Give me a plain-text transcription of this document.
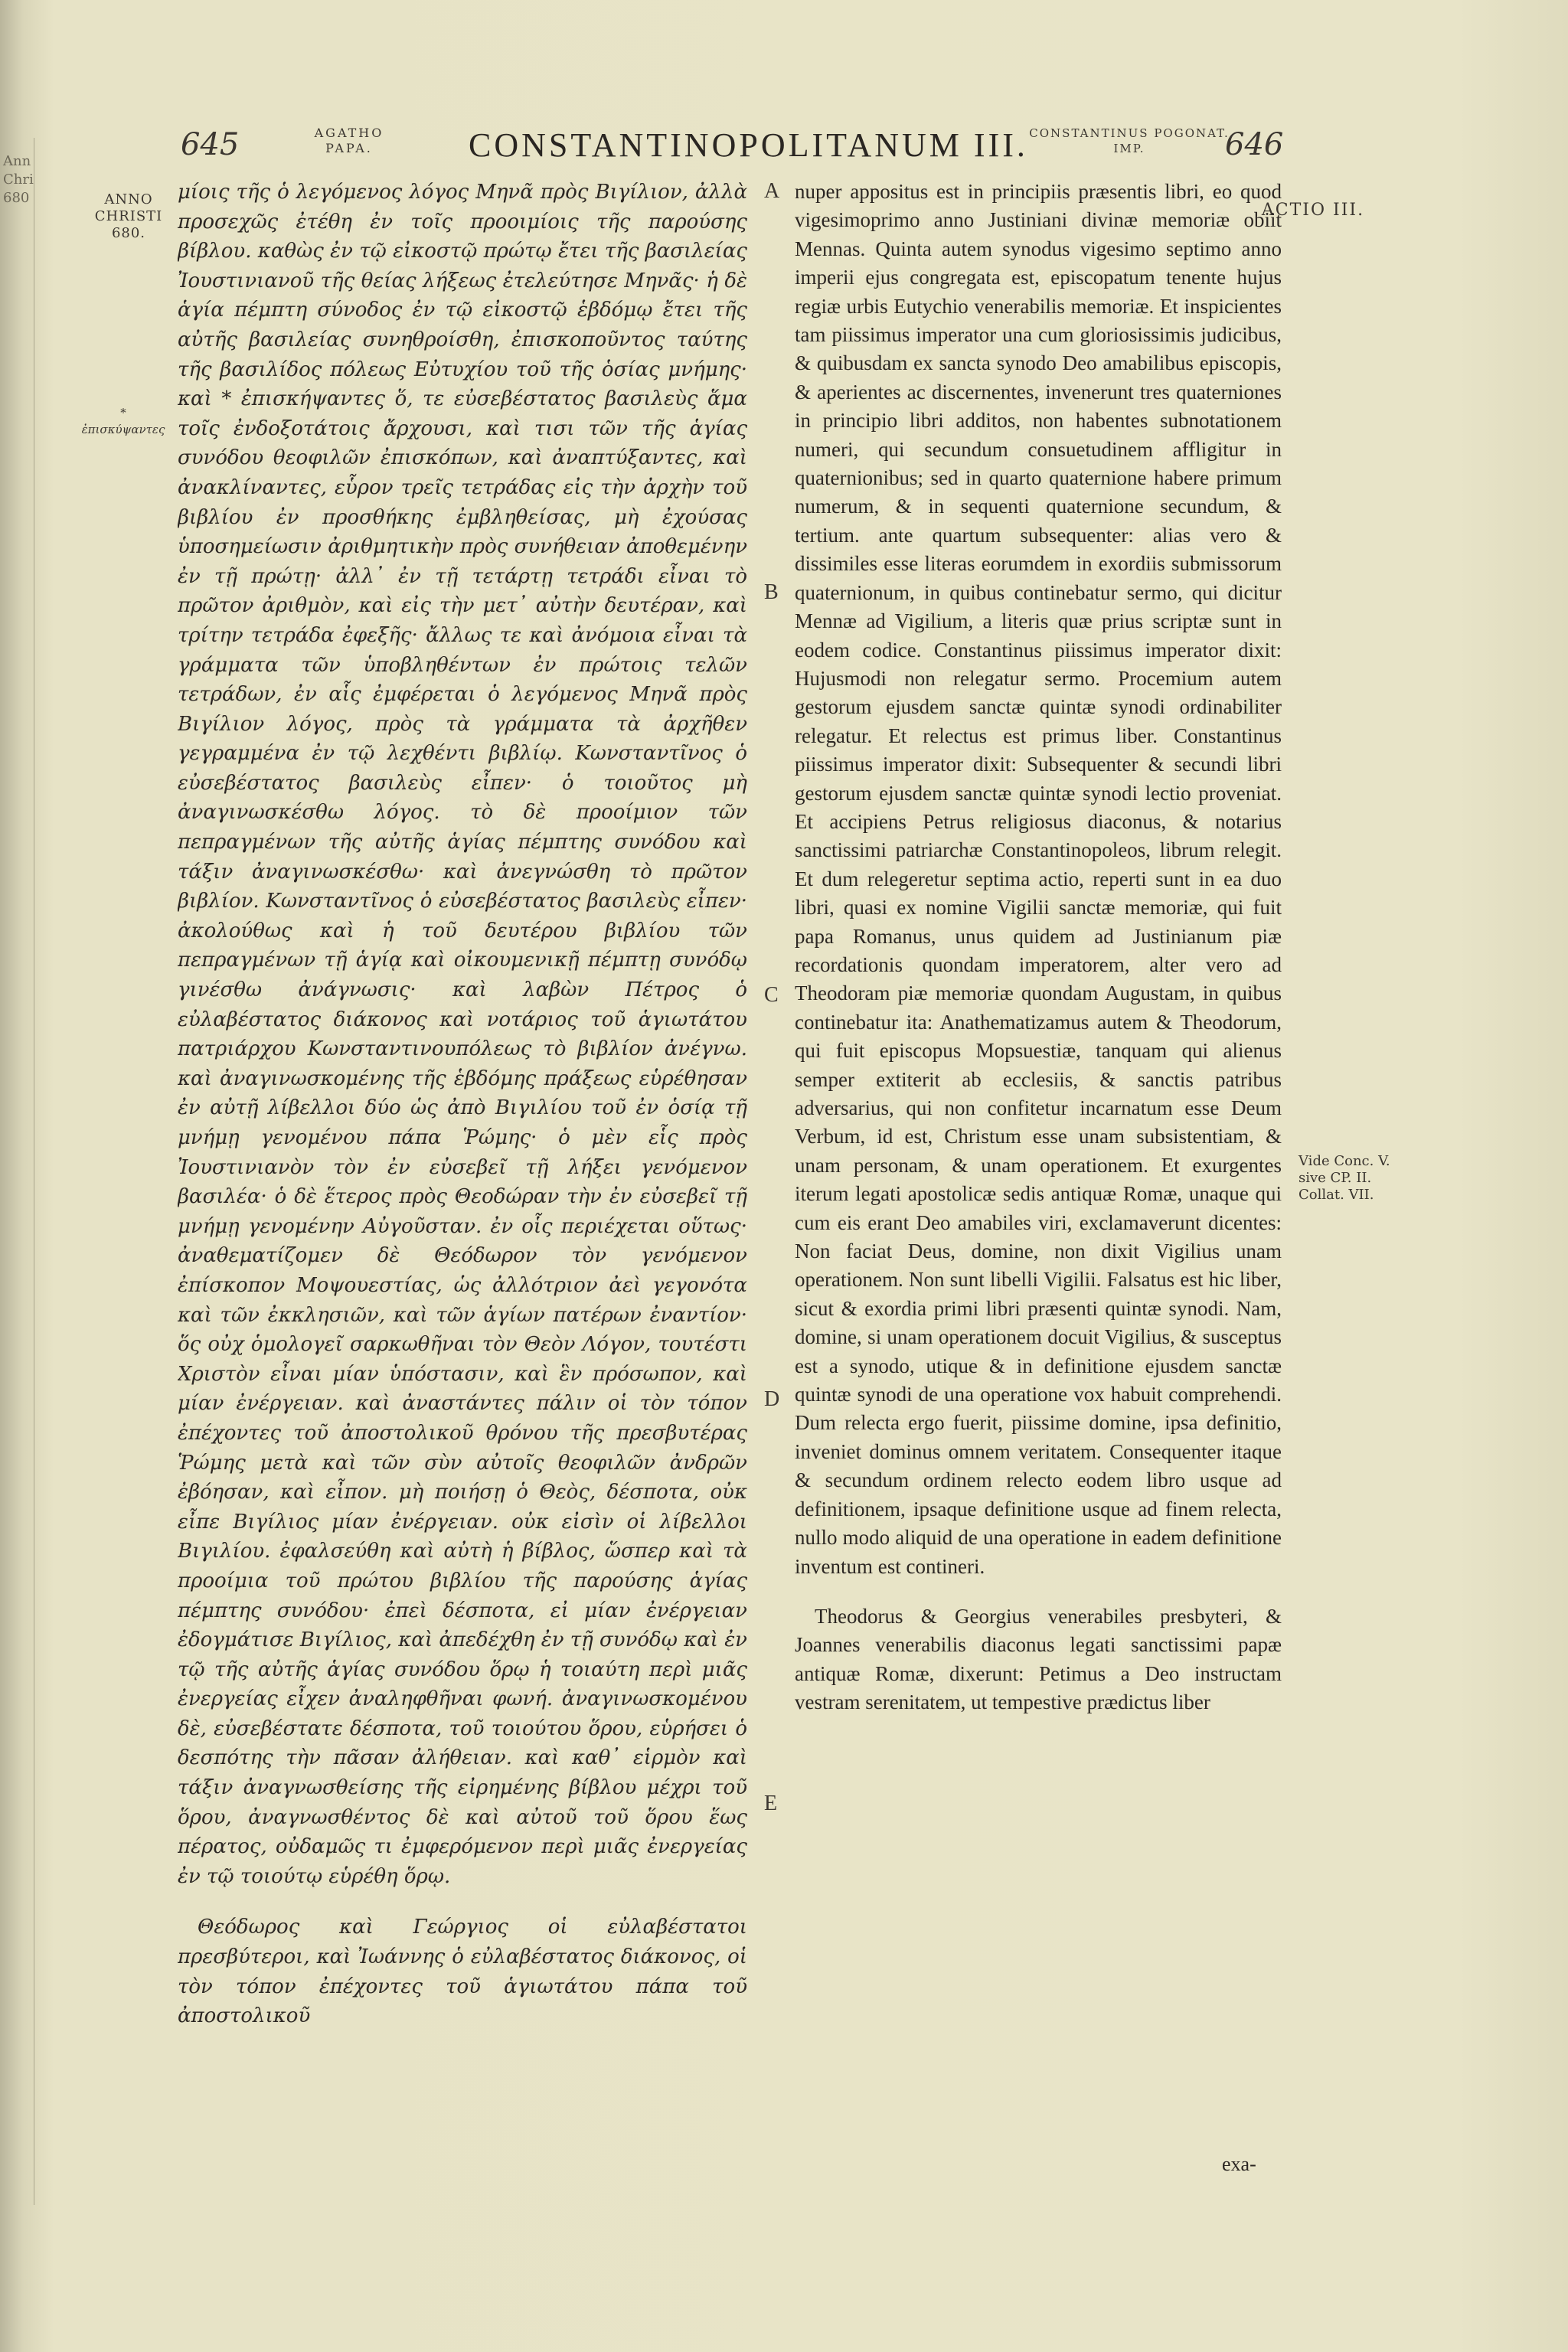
Ann
Chri
680
645	AGATHO PAPA.	CONSTANTINOPOLITANUM III. CONSTANTINUS POGONAT. IMP.	646
ANNO CHRISTI 680.
* ἐπισκύψαντες
ACTIO III.
Vide Conc. V. sive CP. II. Collat. VII.
A
B
C
D
E

μίοις τῆς ὁ λεγόμενος λόγος Μηνᾶ πρὸς Βιγίλιον, ἀλλὰ προσεχῶς ἐτέθη ἐν τοῖς προοιμίοις τῆς παρούσης βίβλου. καθὼς ἐν τῷ εἰκοστῷ πρώτῳ ἔτει τῆς βασιλείας Ἰουστινιανοῦ τῆς θείας λήξεως ἐτελεύτησε Μηνᾶς· ἡ δὲ ἁγία πέμπτη σύνοδος ἐν τῷ εἰκοστῷ ἑβδόμῳ ἔτει τῆς αὐτῆς βασιλείας συνηθροίσθη, ἐπισκοποῦντος ταύτης τῆς βασιλίδος πόλεως Εὐτυχίου τοῦ τῆς ὁσίας μνήμης· καὶ * ἐπισκήψαντες ὅ, τε εὐσεβέστατος βασιλεὺς ἅμα τοῖς ἐνδοξοτάτοις ἄρχουσι, καὶ τισι τῶν τῆς ἁγίας συνόδου θεοφιλῶν ἐπισκόπων, καὶ ἀναπτύξαντες, καὶ ἀνακλίναντες, εὗρον τρεῖς τετράδας εἰς τὴν ἀρχὴν τοῦ βιβλίου ἐν προσθήκης ἐμβληθείσας, μὴ ἐχούσας ὑποσημείωσιν ἀριθμητικὴν πρὸς συνήθειαν ἀποθεμένην ἐν τῇ πρώτῃ· ἀλλ᾿ ἐν τῇ τετάρτῃ τετράδι εἶναι τὸ πρῶτον ἀριθμὸν, καὶ εἰς τὴν μετ᾿ αὐτὴν δευτέραν, καὶ τρίτην τετράδα ἐφεξῆς· ἄλλως τε καὶ ἀνόμοια εἶναι τὰ γράμματα τῶν ὑποβληθέντων ἐν πρώτοις τελῶν τετράδων, ἐν αἷς ἐμφέρεται ὁ λεγόμενος Μηνᾶ πρὸς Βιγίλιον λόγος, πρὸς τὰ γράμματα τὰ ἀρχῆθεν γεγραμμένα ἐν τῷ λεχθέντι βιβλίῳ. Κωνσταντῖνος ὁ εὐσεβέστατος βασιλεὺς εἶπεν· ὁ τοιοῦτος μὴ ἀναγινωσκέσθω λόγος. τὸ δὲ προοίμιον τῶν πεπραγμένων τῆς αὐτῆς ἁγίας πέμπτης συνόδου καὶ τάξιν ἀναγινωσκέσθω· καὶ ἀνεγνώσθη τὸ πρῶτον βιβλίον. Κωνσταντῖνος ὁ εὐσεβέστατος βασιλεὺς εἶπεν· ἀκολούθως καὶ ἡ τοῦ δευτέρου βιβλίου τῶν πεπραγμένων τῇ ἁγίᾳ καὶ οἰκουμενικῇ πέμπτῃ συνόδῳ γινέσθω ἀνάγνωσις· καὶ λαβὼν Πέτρος ὁ εὐλαβέστατος διάκονος καὶ νοτάριος τοῦ ἁγιωτάτου πατριάρχου Κωνσταντινουπόλεως τὸ βιβλίον ἀνέγνω. καὶ ἀναγινωσκομένης τῆς ἑβδόμης πράξεως εὑρέθησαν ἐν αὐτῇ λίβελλοι δύο ὡς ἀπὸ Βιγιλίου τοῦ ἐν ὁσίᾳ τῇ μνήμῃ γενομένου πάπα Ῥώμης· ὁ μὲν εἷς πρὸς Ἰουστινιανὸν τὸν ἐν εὐσεβεῖ τῇ λήξει γενόμενον βασιλέα· ὁ δὲ ἕτερος πρὸς Θεοδώραν τὴν ἐν εὐσεβεῖ τῇ μνήμῃ γενομένην Αὐγοῦσταν. ἐν οἷς περιέχεται οὕτως· ἀναθεματίζομεν δὲ Θεόδωρον τὸν γενόμενον ἐπίσκοπον Μοψουεστίας, ὡς ἀλλότριον ἀεὶ γεγονότα καὶ τῶν ἐκκλησιῶν, καὶ τῶν ἁγίων πατέρων ἐναντίον· ὅς οὐχ ὁμολογεῖ σαρκωθῆναι τὸν Θεὸν Λόγον, τουτέστι Χριστὸν εἶναι μίαν ὑπόστασιν, καὶ ἓν πρόσωπον, καὶ μίαν ἐνέργειαν. καὶ ἀναστάντες πάλιν οἱ τὸν τόπον ἐπέχοντες τοῦ ἀποστολικοῦ θρόνου τῆς πρεσβυτέρας Ῥώμης μετὰ καὶ τῶν σὺν αὐτοῖς θεοφιλῶν ἀνδρῶν ἐβόησαν, καὶ εἶπον. μὴ ποιήσῃ ὁ Θεὸς, δέσποτα, οὐκ εἶπε Βιγίλιος μίαν ἐνέργειαν. οὐκ εἰσὶν οἱ λίβελλοι Βιγιλίου. ἐφαλσεύθη καὶ αὐτὴ ἡ βίβλος, ὥσπερ καὶ τὰ προοίμια τοῦ πρώτου βιβλίου τῆς παρούσης ἁγίας πέμπτης συνόδου· ἐπεὶ δέσποτα, εἰ μίαν ἐνέργειαν ἐδογμάτισε Βιγίλιος, καὶ ἀπεδέχθη ἐν τῇ συνόδῳ καὶ ἐν τῷ τῆς αὐτῆς ἁγίας συνόδου ὅρῳ ἡ τοιαύτη περὶ μιᾶς ἐνεργείας εἶχεν ἀναληφθῆναι φωνή. ἀναγινωσκομένου δὲ, εὐσεβέστατε δέσποτα, τοῦ τοιούτου ὅρου, εὑρήσει ὁ δεσπότης τὴν πᾶσαν ἀλήθειαν. καὶ καθ᾿ εἱρμὸν καὶ τάξιν ἀναγνωσθείσης τῆς εἰρημένης βίβλου μέχρι τοῦ ὅρου, ἀναγνωσθέντος δὲ καὶ αὐτοῦ τοῦ ὅρου ἕως πέρατος, οὐδαμῶς τι ἐμφερόμενον περὶ μιᾶς ἐνεργείας ἐν τῷ τοιούτῳ εὑρέθη ὅρῳ.

Θεόδωρος καὶ Γεώργιος οἱ εὐλαβέστατοι πρεσβύτεροι, καὶ Ἰωάννης ὁ εὐλαβέστατος διάκονος, οἱ τὸν τόπον ἐπέχοντες τοῦ ἁγιωτάτου πάπα τοῦ ἀποστολικοῦ

nuper appositus est in principiis præsentis libri, eo quod vigesimoprimo anno Justiniani divinæ memoriæ obiit Mennas. Quinta autem synodus vigesimo septimo anno imperii ejus congregata est, episcopatum tenente hujus regiæ urbis Eutychio venerabilis memoriæ. Et inspicientes tam piissimus imperator una cum gloriosissimis judicibus, & quibusdam ex sancta synodo Deo amabilibus episcopis, & aperientes ac discernentes, invenerunt tres quaterniones in principio libri additos, non habentes subnotationem numeri, qui secundum consuetudinem affligitur in quaternionibus; sed in quarto quaternione habere primum numerum, & in sequenti quaternione secundum, & tertium. ante quartum subsequenter: alias vero & dissimiles esse literas eorumdem in exordiis submissorum quaternionum, in quibus continebatur sermo, qui dicitur Mennæ ad Vigilium, a literis quæ prius scriptæ sunt in eodem codice. Constantinus piissimus imperator dixit: Hujusmodi non relegatur sermo. Procemium autem gestorum ejusdem sanctæ quintæ synodi ordinabiliter relegatur. Et relectus est primus liber. Constantinus piissimus imperator dixit: Subsequenter & secundi libri gestorum ejusdem sanctæ quintæ synodi lectio proveniat. Et accipiens Petrus religiosus diaconus, & notarius sanctissimi patriarchæ Constantinopoleos, librum relegit. Et dum relegeretur septima actio, reperti sunt in ea duo libri, quasi ex nomine Vigilii sanctæ memoriæ, qui fuit papa Romanus, unus quidem ad Justinianum piæ recordationis quondam imperatorem, alter vero ad Theodoram piæ memoriæ quondam Augustam, in quibus continebatur ita: Anathematizamus autem & Theodorum, qui fuit episcopus Mopsuestiæ, tanquam qui alienus semper extiterit ab ecclesiis, & sanctis patribus adversarius, qui non confitetur incarnatum esse Deum Verbum, id est, Christum esse unam subsistentiam, & unam personam, & unam operationem. Et exurgentes iterum legati apostolicæ sedis antiquæ Romæ, unaque qui cum eis erant Deo amabiles viri, exclamaverunt dicentes: Non faciat Deus, domine, non dixit Vigilius unam operationem. Non sunt libelli Vigilii. Falsatus est hic liber, sicut & exordia primi libri præsenti quintæ synodi. Nam, domine, si unam operationem docuit Vigilius, & susceptus est a synodo, utique & in definitione ejusdem sanctæ quintæ synodi de una operatione vox habuit comprehendi. Dum relecta ergo fuerit, piissime domine, ipsa definitio, inveniet dominus omnem veritatem. Consequenter itaque & secundum ordinem relecto eodem libro usque ad definitionem, ipsaque definitione usque ad finem relecta, nullo modo aliquid de una operatione in eadem definitione inventum est contineri.

Theodorus & Georgius venerabiles presbyteri, & Joannes venerabilis diaconus legati sanctissimi papæ antiquæ Romæ, dixerunt: Petimus a Deo instructam vestram serenitatem, ut tempestive prædictus liber

exa-
